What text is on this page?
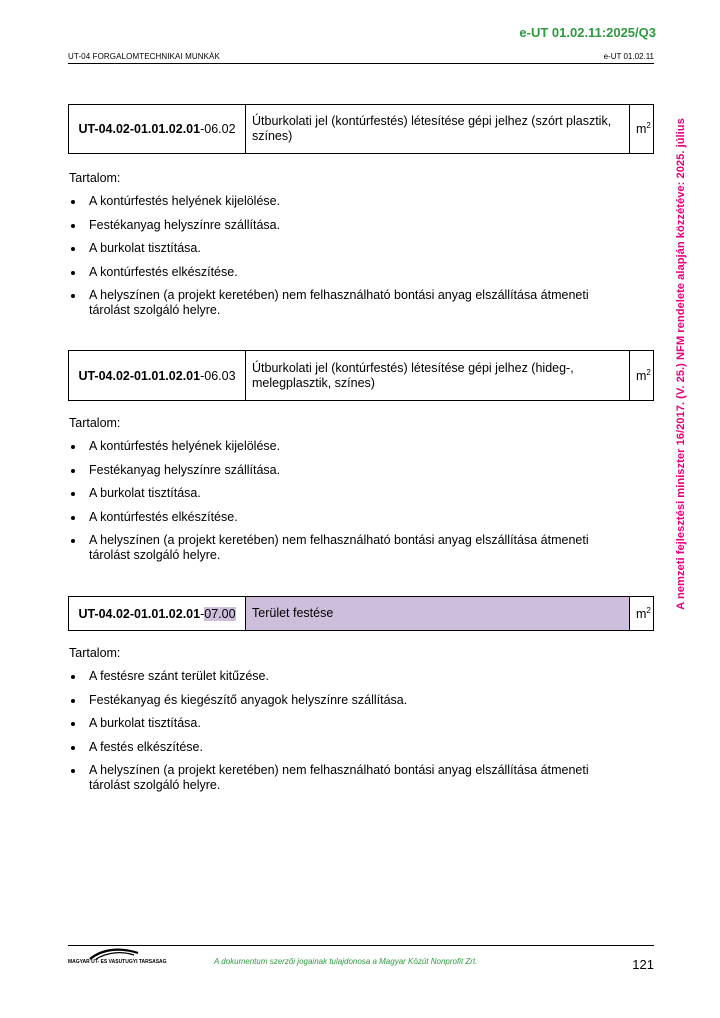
e-UT 01.02.11:2025/Q3
UT-04 FORGALOMTECHNIKAI MUNKÁK	e-UT 01.02.11
A nemzeti fejlesztési miniszter 16/2017. (V. 25.) NFM rendelete alapján közzétéve: 2025. július
UT-04.02-01.01.02.01-06.02	Útburkolati jel (kontúrfestés) létesítése gépi jelhez (szórt plasztik, színes)	$m^2$
Tartalom:
A kontúrfestés helyének kijelölése.
Festékanyag helyszínre szállítása.
A burkolat tisztítása.
A kontúrfestés elkészítése.
A helyszínen (a projekt keretében) nem felhasználható bontási anyag elszállítása átmeneti tárolást szolgáló helyre.
UT-04.02-01.01.02.01-06.03	Útburkolati jel (kontúrfestés) létesítése gépi jelhez (hideg-, melegplasztik, színes)	$m^2$
Tartalom:
A kontúrfestés helyének kijelölése.
Festékanyag helyszínre szállítása.
A burkolat tisztítása.
A kontúrfestés elkészítése.
A helyszínen (a projekt keretében) nem felhasználható bontási anyag elszállítása átmeneti tárolást szolgáló helyre.
UT-04.02-01.01.02.01-07.00	Terület festése	$m^2$
Tartalom:
A festésre szánt terület kitűzése.
Festékanyag és kiegészítő anyagok helyszínre szállítása.
A burkolat tisztítása.
A festés elkészítése.
A helyszínen (a projekt keretében) nem felhasználható bontási anyag elszállítása átmeneti tárolást szolgáló helyre.
MAGYAR UT- ES VASUTUGYI TARSASAG	A dokumentum szerzői jogainak tulajdonosa a Magyar Közút Nonprofit Zrt.	121
